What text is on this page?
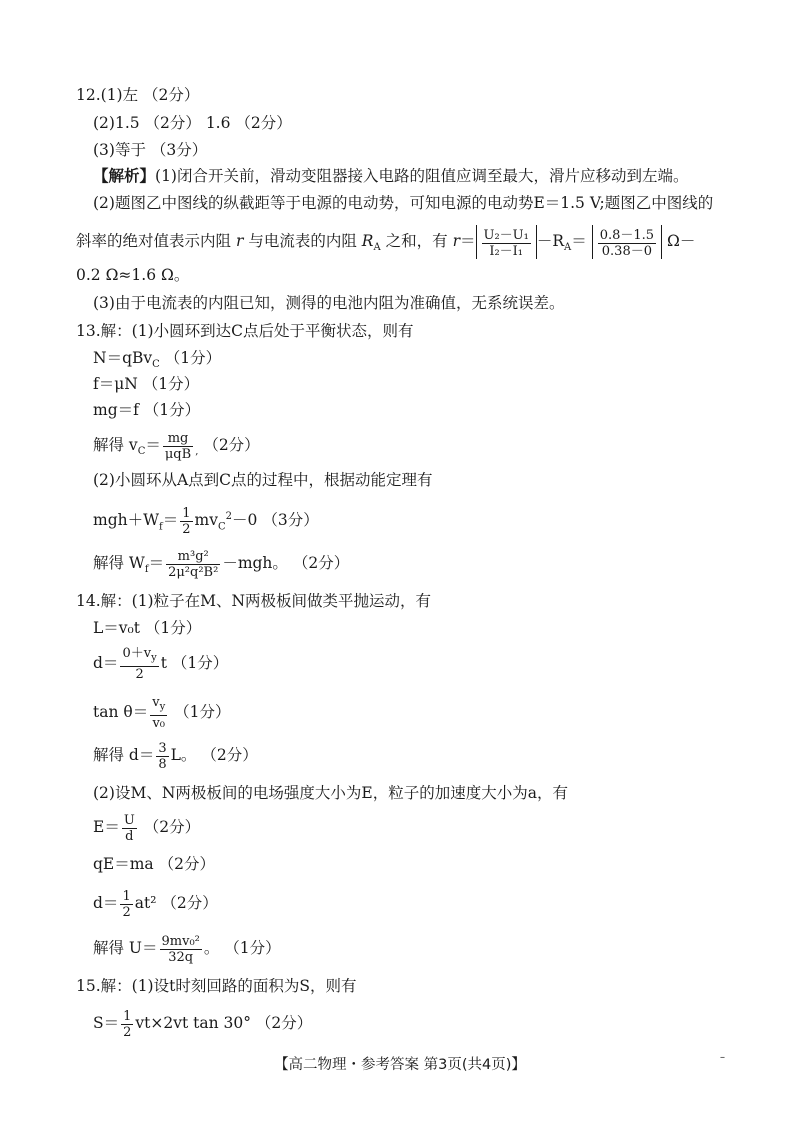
12.(1)左 （2分）
(2)1.5 （2分） 1.6 （2分）
(3)等于 （3分）
【解析】(1)闭合开关前，滑动变阻器接入电路的阻值应调至最大，滑片应移动到左端。
(2)题图乙中图线的纵截距等于电源的电动势，可知电源的电动势E＝1.5 V;题图乙中图线的
斜率的绝对值表示内阻 r 与电流表的内阻 $R_A$ 之和，有 $r= \frac{\text{U₂－U₁}}{\text{I₂－I₁}} -R_A= \frac{0.8-1.5}{0.38-0} \Omega-$
0.2 Ω≈1.6 Ω。
(3)由于电流表的内阻已知，测得的电池内阻为准确值，无系统误差。
13.解：(1)小圆环到达C点后处于平衡状态，则有
N＝qBv$_C$ （1分）
f＝μN （1分）
mg＝f （1分）
解得 $v_C= \frac{mg}{\text{μqB}} _,$ （2分）
(2)小圆环从A点到C点的过程中，根据动能定理有
$mgh+W_f= \frac{1}{2} mv_C^2-0$ （3分）
解得 $W_f= \frac{\text{m³g²}}{\text{2μ²q²B²}} -mgh$。 （2分）
14.解：(1)粒子在M、N两极板间做类平抛运动，有
L＝v₀t （1分）
$d= \frac{0+v_y}{2}$ t （1分）
$\tan \theta= \frac{v_y}{\text{v₀}} (1$分）
解得 $d= \frac{3}{8}$ L。 （2分）
(2)设M、N两极板间的电场强度大小为E，粒子的加速度大小为a，有
$E= \frac{U}{d} (2$分）
qE＝ma （2分）
$d= \frac{1}{2} at^2$ （2分）
解得 $U= \frac{\text{9mv₀²}}{32q}$ 。 （1分）
15.解：(1)设t时刻回路的面积为S，则有
$S= \frac{1}{2} vt\times 2vt$ tan 30° （2分）
【高二物理・参考答案 第3页(共4页)】	–
